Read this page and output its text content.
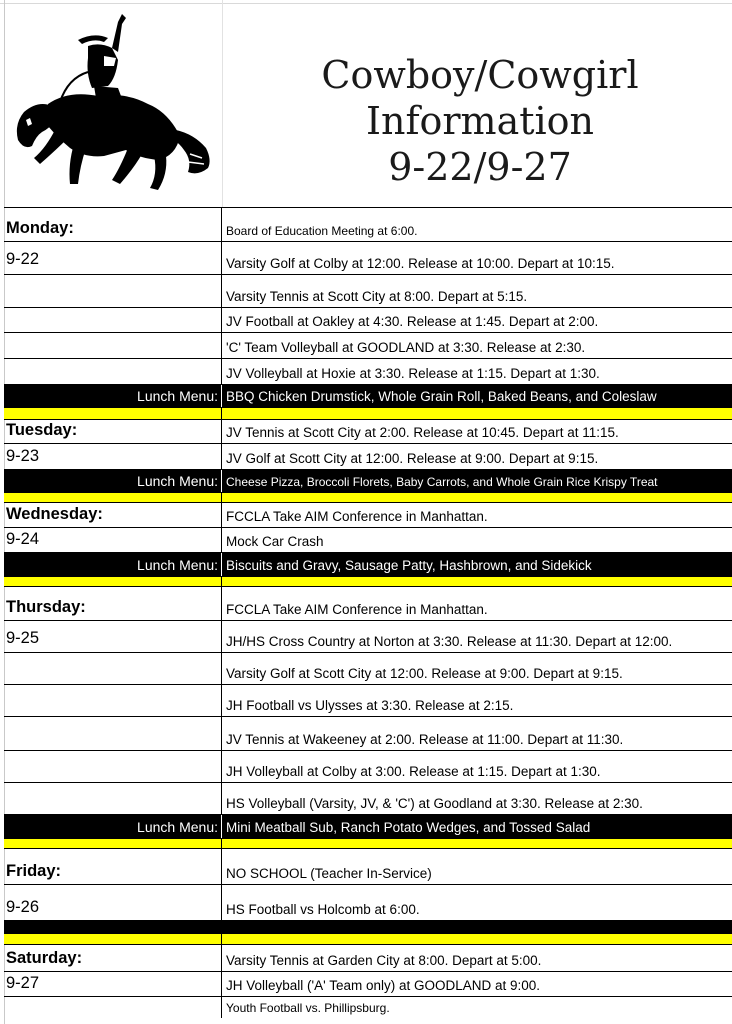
Cowboy/Cowgirl
Information
9-22/9-27
Monday:	Board of Education Meeting at 6:00.
9-22	Varsity Golf at Colby at 12:00. Release at 10:00. Depart at 10:15.
Varsity Tennis at Scott City at 8:00. Depart at 5:15.
JV Football at Oakley at 4:30. Release at 1:45. Depart at 2:00.
'C' Team Volleyball at GOODLAND at 3:30. Release at 2:30.
JV Volleyball at Hoxie at 3:30. Release at 1:15. Depart at 1:30.
Lunch Menu: BBQ Chicken Drumstick, Whole Grain Roll, Baked Beans, and Coleslaw
Tuesday:	JV Tennis at Scott City at 2:00. Release at 10:45. Depart at 11:15.
9-23	JV Golf at Scott City at 12:00. Release at 9:00. Depart at 9:15.
Lunch Menu: Cheese Pizza, Broccoli Florets, Baby Carrots, and Whole Grain Rice Krispy Treat
Wednesday:	FCCLA Take AIM Conference in Manhattan.
9-24	Mock Car Crash
Lunch Menu: Biscuits and Gravy, Sausage Patty, Hashbrown, and Sidekick
Thursday:	FCCLA Take AIM Conference in Manhattan.
9-25	JH/HS Cross Country at Norton at 3:30. Release at 11:30. Depart at 12:00.
Varsity Golf at Scott City at 12:00. Release at 9:00. Depart at 9:15.
JH Football vs Ulysses at 3:30. Release at 2:15.
JV Tennis at Wakeeney at 2:00. Release at 11:00. Depart at 11:30.
JH Volleyball at Colby at 3:00. Release at 1:15. Depart at 1:30.
HS Volleyball (Varsity, JV, & 'C') at Goodland at 3:30. Release at 2:30.
Lunch Menu: Mini Meatball Sub, Ranch Potato Wedges, and Tossed Salad
Friday:	NO SCHOOL (Teacher In-Service)
9-26	HS Football vs Holcomb at 6:00.
Saturday:	Varsity Tennis at Garden City at 8:00. Depart at 5:00.
9-27	JH Volleyball ('A' Team only) at GOODLAND at 9:00.
Youth Football vs. Phillipsburg.
